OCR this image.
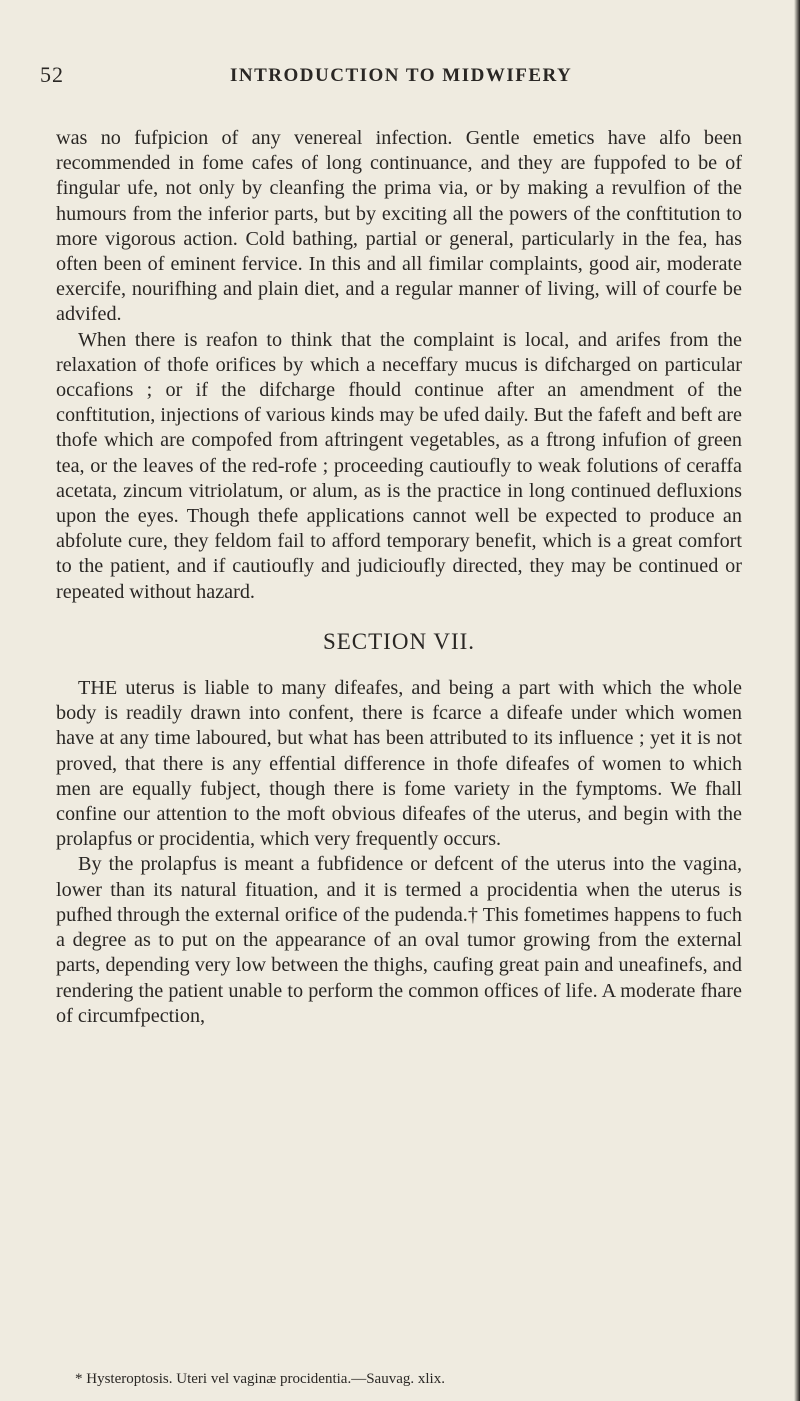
52	INTRODUCTION TO MIDWIFERY

was no fufpicion of any venereal infection. Gentle emetics have alfo been recommended in fome cafes of long continuance, and they are fuppofed to be of fingular ufe, not only by cleanfing the prima via, or by making a revulfion of the humours from the inferior parts, but by exciting all the powers of the conftitution to more vigorous action. Cold bathing, partial or general, particularly in the fea, has often been of eminent fervice. In this and all fimilar complaints, good air, moderate exercife, nourifhing and plain diet, and a regular manner of living, will of courfe be advifed.

When there is reafon to think that the complaint is local, and arifes from the relaxation of thofe orifices by which a neceffary mucus is difcharged on particular occafions ; or if the difcharge fhould continue after an amendment of the conftitution, injections of various kinds may be ufed daily. But the fafeft and beft are thofe which are compofed from aftringent vegetables, as a ftrong infufion of green tea, or the leaves of the red-rofe ; proceeding cautioufly to weak folutions of ceraffa acetata, zincum vitriolatum, or alum, as is the practice in long continued defluxions upon the eyes. Though thefe applications cannot well be expected to produce an abfolute cure, they feldom fail to afford temporary benefit, which is a great comfort to the patient, and if cautioufly and judicioufly directed, they may be continued or repeated without hazard.

SECTION VII.

THE uterus is liable to many difeafes, and being a part with which the whole body is readily drawn into confent, there is fcarce a difeafe under which women have at any time laboured, but what has been attributed to its influence ; yet it is not proved, that there is any effential difference in thofe difeafes of women to which men are equally fubject, though there is fome variety in the fymptoms. We fhall confine our attention to the moft obvious difeafes of the uterus, and begin with the prolapfus or procidentia, which very frequently occurs.

By the prolapfus is meant a fubfidence or defcent of the uterus into the vagina, lower than its natural fituation, and it is termed a procidentia when the uterus is pufhed through the external orifice of the pudenda.† This fometimes happens to fuch a degree as to put on the appearance of an oval tumor growing from the external parts, depending very low between the thighs, caufing great pain and uneafinefs, and rendering the patient unable to perform the common offices of life. A moderate fhare of circumfpection,

* Hysteroptosis. Uteri vel vaginæ procidentia.—Sauvag. xlix.
